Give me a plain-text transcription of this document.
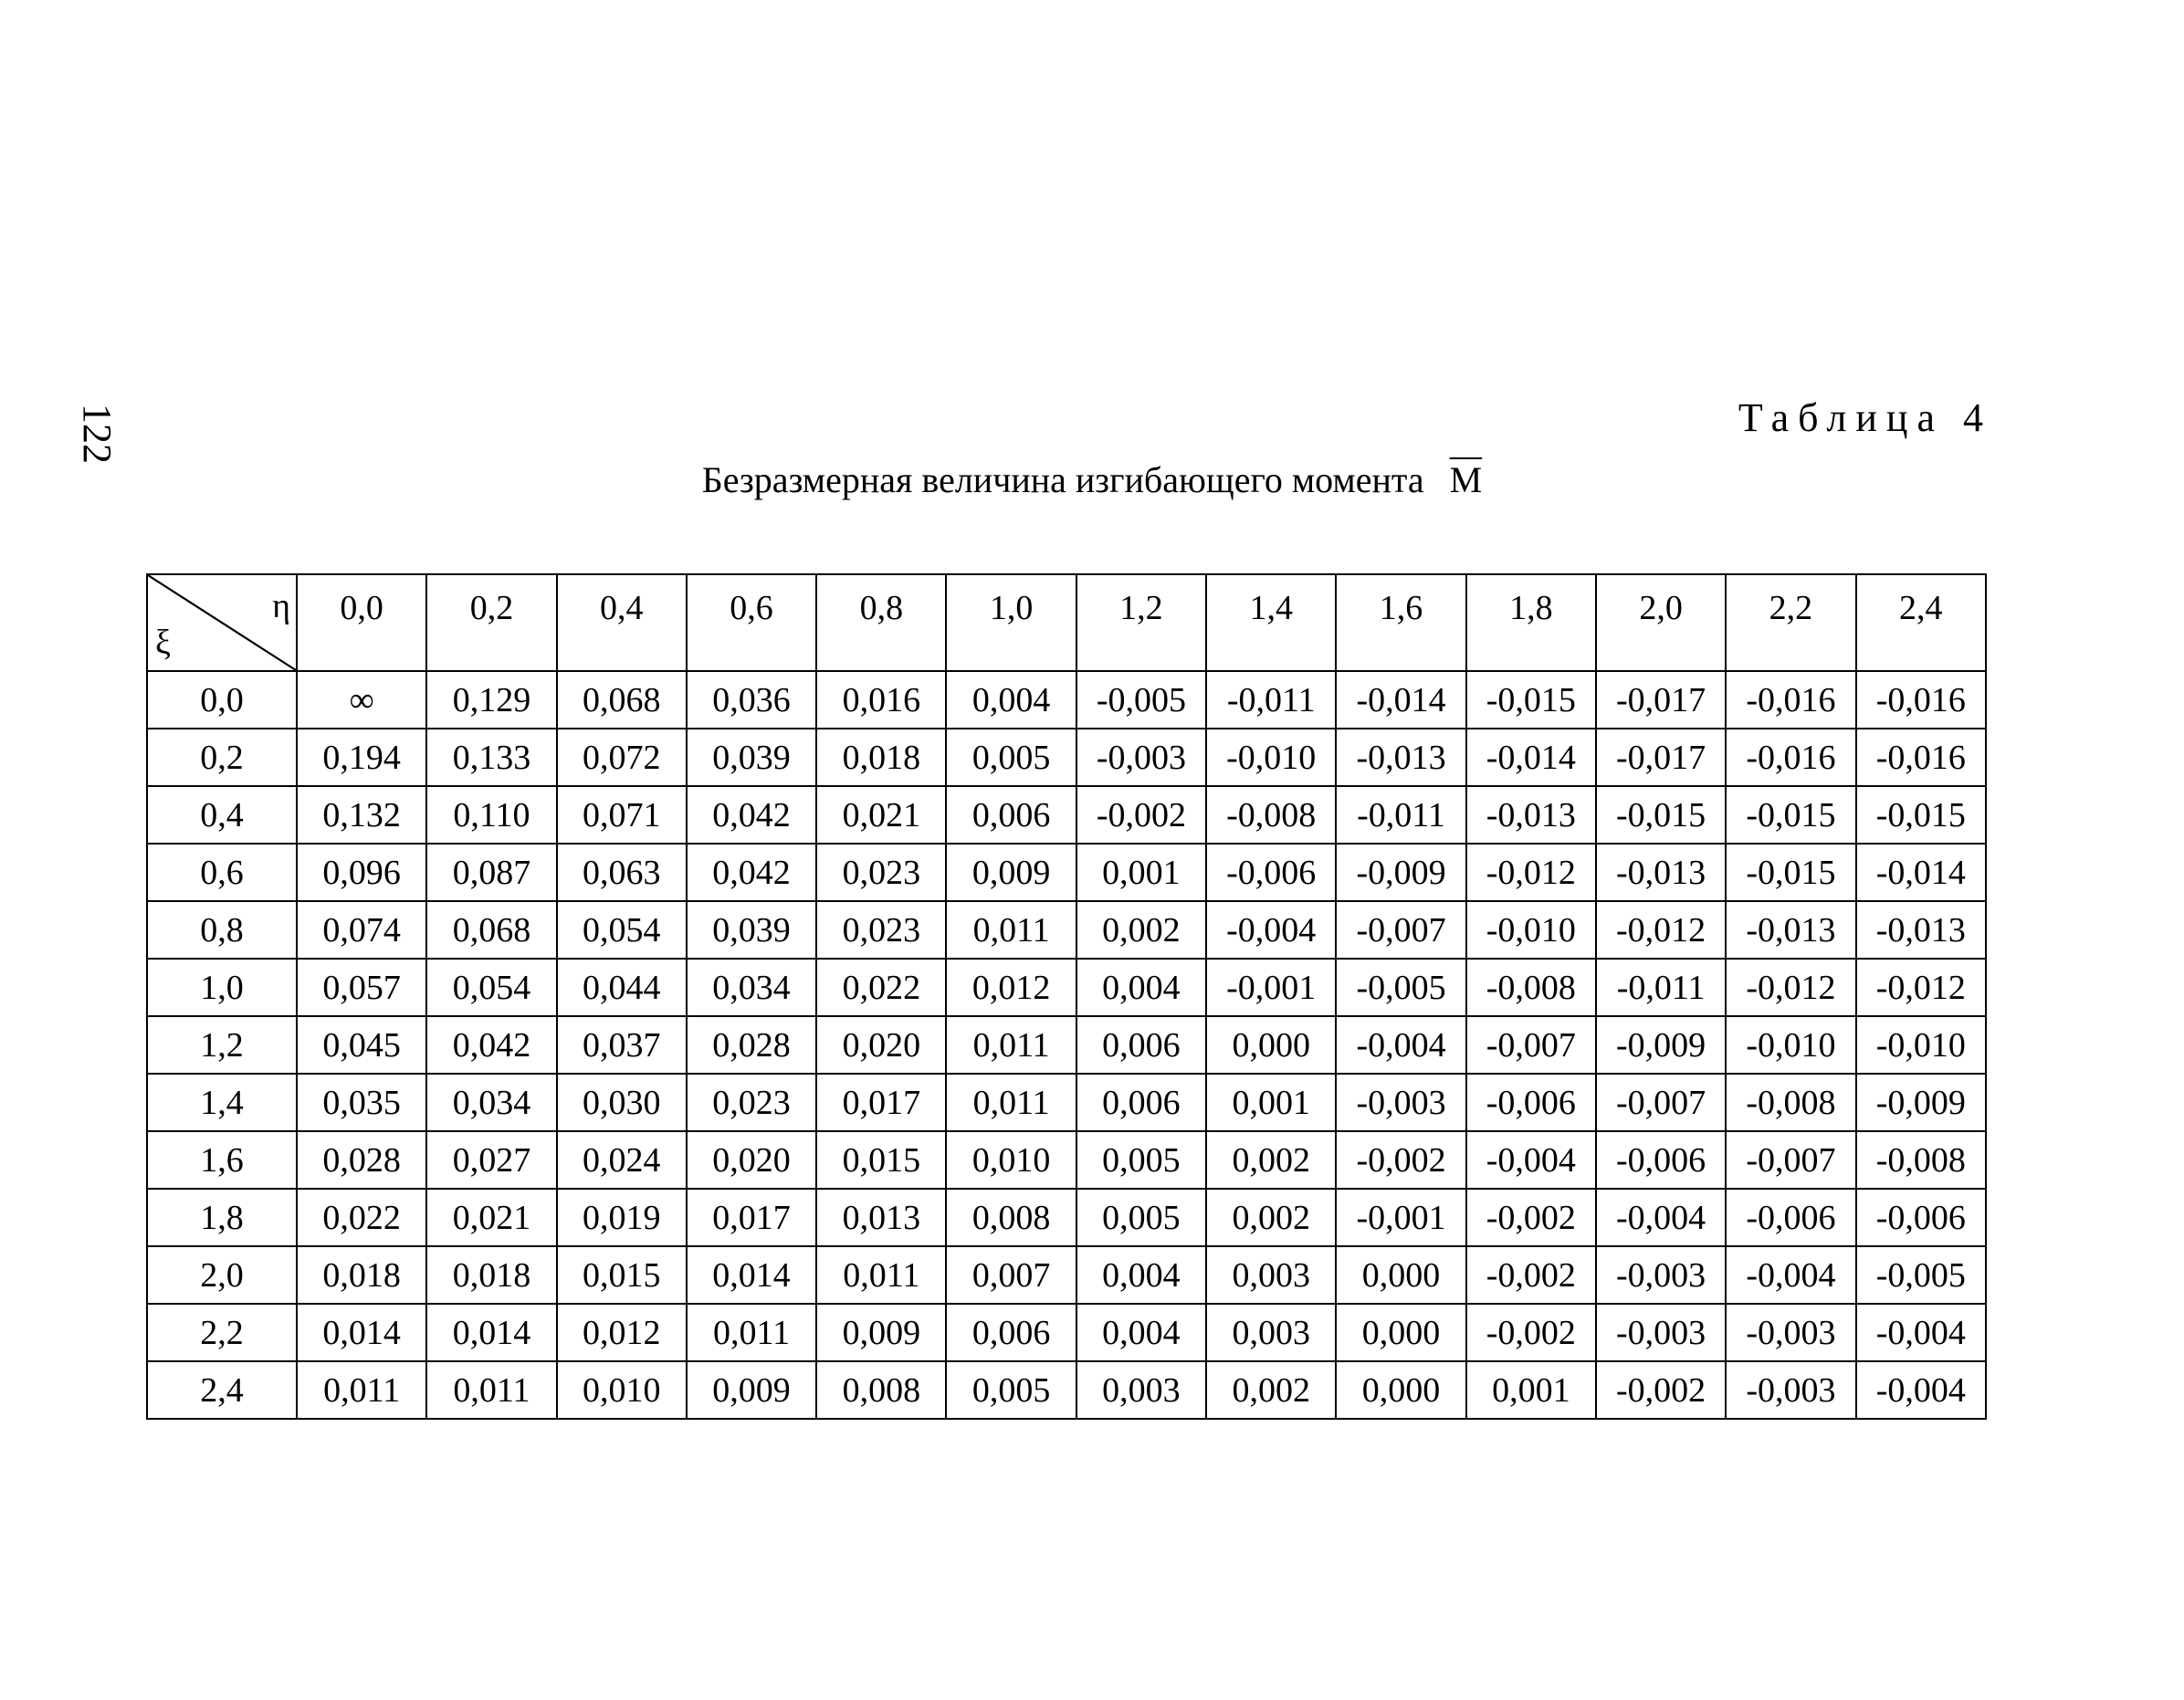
122	Таблица 4
Безразмерная величина изгибающего момента $\overline{M}$
η
ξ	0,0	0,2	0,4	0,6	0,8	1,0	1,2	1,4	1,6	1,8	2,0	2,2	2,4
0,0	∞	0,129	0,068	0,036	0,016	0,004	-0,005	-0,011	-0,014	-0,015	-0,017	-0,016	-0,016
0,2	0,194	0,133	0,072	0,039	0,018	0,005	-0,003	-0,010	-0,013	-0,014	-0,017	-0,016	-0,016
0,4	0,132	0,110	0,071	0,042	0,021	0,006	-0,002	-0,008	-0,011	-0,013	-0,015	-0,015	-0,015
0,6	0,096	0,087	0,063	0,042	0,023	0,009	0,001	-0,006	-0,009	-0,012	-0,013	-0,015	-0,014
0,8	0,074	0,068	0,054	0,039	0,023	0,011	0,002	-0,004	-0,007	-0,010	-0,012	-0,013	-0,013
1,0	0,057	0,054	0,044	0,034	0,022	0,012	0,004	-0,001	-0,005	-0,008	-0,011	-0,012	-0,012
1,2	0,045	0,042	0,037	0,028	0,020	0,011	0,006	0,000	-0,004	-0,007	-0,009	-0,010	-0,010
1,4	0,035	0,034	0,030	0,023	0,017	0,011	0,006	0,001	-0,003	-0,006	-0,007	-0,008	-0,009
1,6	0,028	0,027	0,024	0,020	0,015	0,010	0,005	0,002	-0,002	-0,004	-0,006	-0,007	-0,008
1,8	0,022	0,021	0,019	0,017	0,013	0,008	0,005	0,002	-0,001	-0,002	-0,004	-0,006	-0,006
2,0	0,018	0,018	0,015	0,014	0,011	0,007	0,004	0,003	0,000	-0,002	-0,003	-0,004	-0,005
2,2	0,014	0,014	0,012	0,011	0,009	0,006	0,004	0,003	0,000	-0,002	-0,003	-0,003	-0,004
2,4	0,011	0,011	0,010	0,009	0,008	0,005	0,003	0,002	0,000	0,001	-0,002	-0,003	-0,004
